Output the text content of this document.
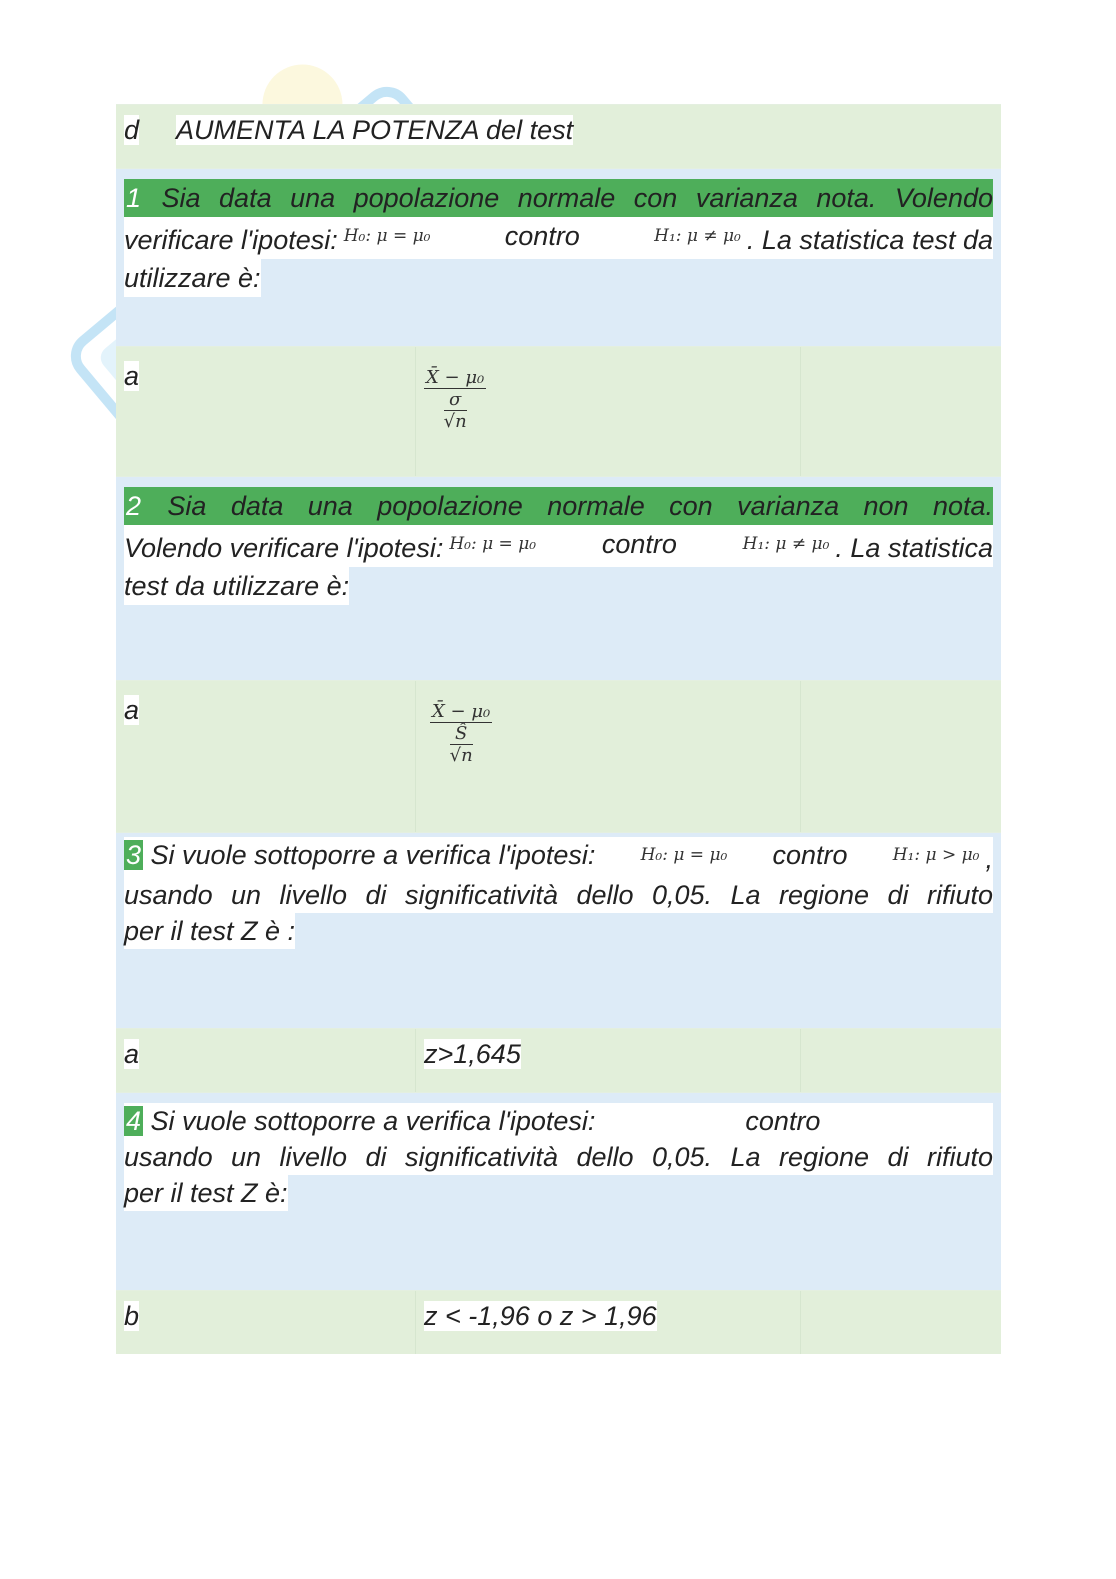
d	AUMENTA LA POTENZA del test
1 Sia data una popolazione normale con varianza nota. Volendo
verificare l'ipotesi: $^{H_0: \mu = \mu_0}$	contro	$^{H_1: \mu \ne \mu_0}$ . La statistica test da
utilizzare è:
a	$\frac{\text{X̄ − μ₀}}{\frac{\sigma}{√n}}$
2 Sia data una popolazione normale con varianza non nota.
Volendo verificare l'ipotesi: $^{H_0: \mu = \mu_0}$ contro	$^{H_1: \mu \ne \mu_0}$ . La statistica
test da utilizzare è:
a	$\frac{\text{X̄ − μ₀}}{\frac{Ŝ}{√n}}$
3 Si vuole sottoporre a verifica l'ipotesi:	H₀: μ = μ₀ contro	$^{H_1: \mu > \mu_0}$ ,
usando un livello di significatività dello 0,05. La regione di rifiuto
per il test Z è :
a	z>1,645
4 Si vuole sottoporre a verifica l'ipotesi:	contro
usando un livello di significatività dello 0,05. La regione di rifiuto
per il test Z è:
b	z < -1,96 o z > 1,96
